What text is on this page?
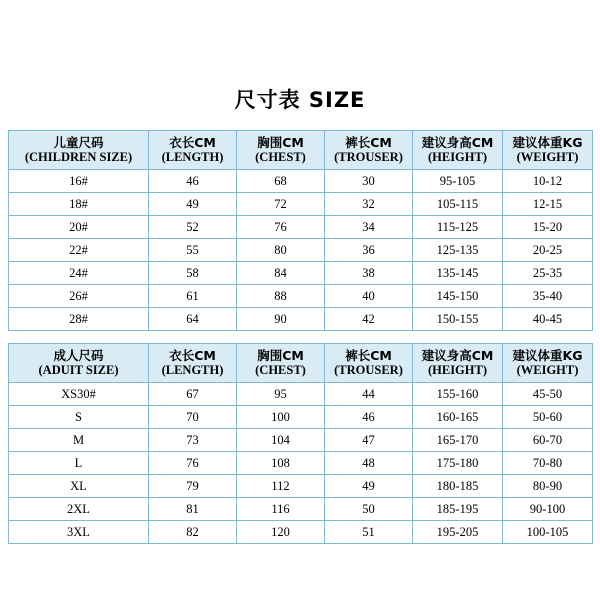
尺寸表 SIZE
儿童尺码
(CHILDREN SIZE)	衣长CM
(LENGTH)	胸围CM
(CHEST)	裤长CM
(TROUSER)	建议身高CM
(HEIGHT)	建议体重KG
(WEIGHT)

16#	46	68	30	95-105	10-12
18#	49	72	32	105-115	12-15
20#	52	76	34	115-125	15-20
22#	55	80	36	125-135	20-25
24#	58	84	38	135-145	25-35
26#	61	88	40	145-150	35-40
28#	64	90	42	150-155	40-45
成人尺码
(ADUIT SIZE)	衣长CM
(LENGTH)	胸围CM
(CHEST)	裤长CM
(TROUSER)	建议身高CM
(HEIGHT)	建议体重KG
(WEIGHT)

XS30#	67	95	44	155-160	45-50
S	70	100	46	160-165	50-60
M	73	104	47	165-170	60-70
L	76	108	48	175-180	70-80
XL	79	112	49	180-185	80-90
2XL	81	116	50	185-195	90-100
3XL	82	120	51	195-205	100-105
